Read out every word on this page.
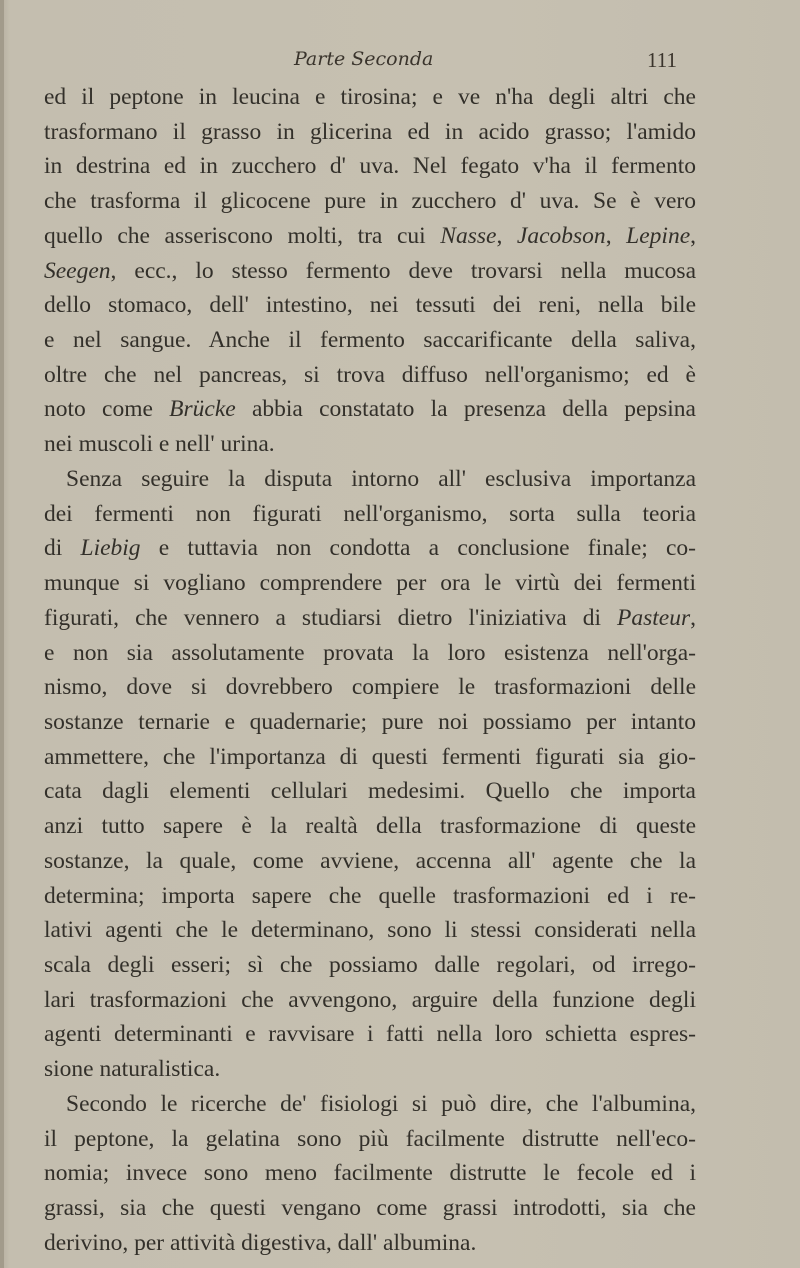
Parte Seconda	111
ed il peptone in leucina e tirosina; e ve n'ha degli altri che
trasformano il grasso in glicerina ed in acido grasso; l'amido
in destrina ed in zucchero d' uva. Nel fegato v'ha il fermento
che trasforma il glicocene pure in zucchero d' uva. Se è vero
quello che asseriscono molti, tra cui Nasse, Jacobson, Lepine,
Seegen, ecc., lo stesso fermento deve trovarsi nella mucosa
dello stomaco, dell' intestino, nei tessuti dei reni, nella bile
e nel sangue. Anche il fermento saccarificante della saliva,
oltre che nel pancreas, si trova diffuso nell'organismo; ed è
noto come Brücke abbia constatato la presenza della pepsina
nei muscoli e nell' urina.
Senza seguire la disputa intorno all' esclusiva importanza
dei fermenti non figurati nell'organismo, sorta sulla teoria
di Liebig e tuttavia non condotta a conclusione finale; co-
munque si vogliano comprendere per ora le virtù dei fermenti
figurati, che vennero a studiarsi dietro l'iniziativa di Pasteur,
e non sia assolutamente provata la loro esistenza nell'orga-
nismo, dove si dovrebbero compiere le trasformazioni delle
sostanze ternarie e quadernarie; pure noi possiamo per intanto
ammettere, che l'importanza di questi fermenti figurati sia gio-
cata dagli elementi cellulari medesimi. Quello che importa
anzi tutto sapere è la realtà della trasformazione di queste
sostanze, la quale, come avviene, accenna all' agente che la
determina; importa sapere che quelle trasformazioni ed i re-
lativi agenti che le determinano, sono li stessi considerati nella
scala degli esseri; sì che possiamo dalle regolari, od irrego-
lari trasformazioni che avvengono, arguire della funzione degli
agenti determinanti e ravvisare i fatti nella loro schietta espres-
sione naturalistica.
Secondo le ricerche de' fisiologi si può dire, che l'albumina,
il peptone, la gelatina sono più facilmente distrutte nell'eco-
nomia; invece sono meno facilmente distrutte le fecole ed i
grassi, sia che questi vengano come grassi introdotti, sia che
derivino, per attività digestiva, dall' albumina.
